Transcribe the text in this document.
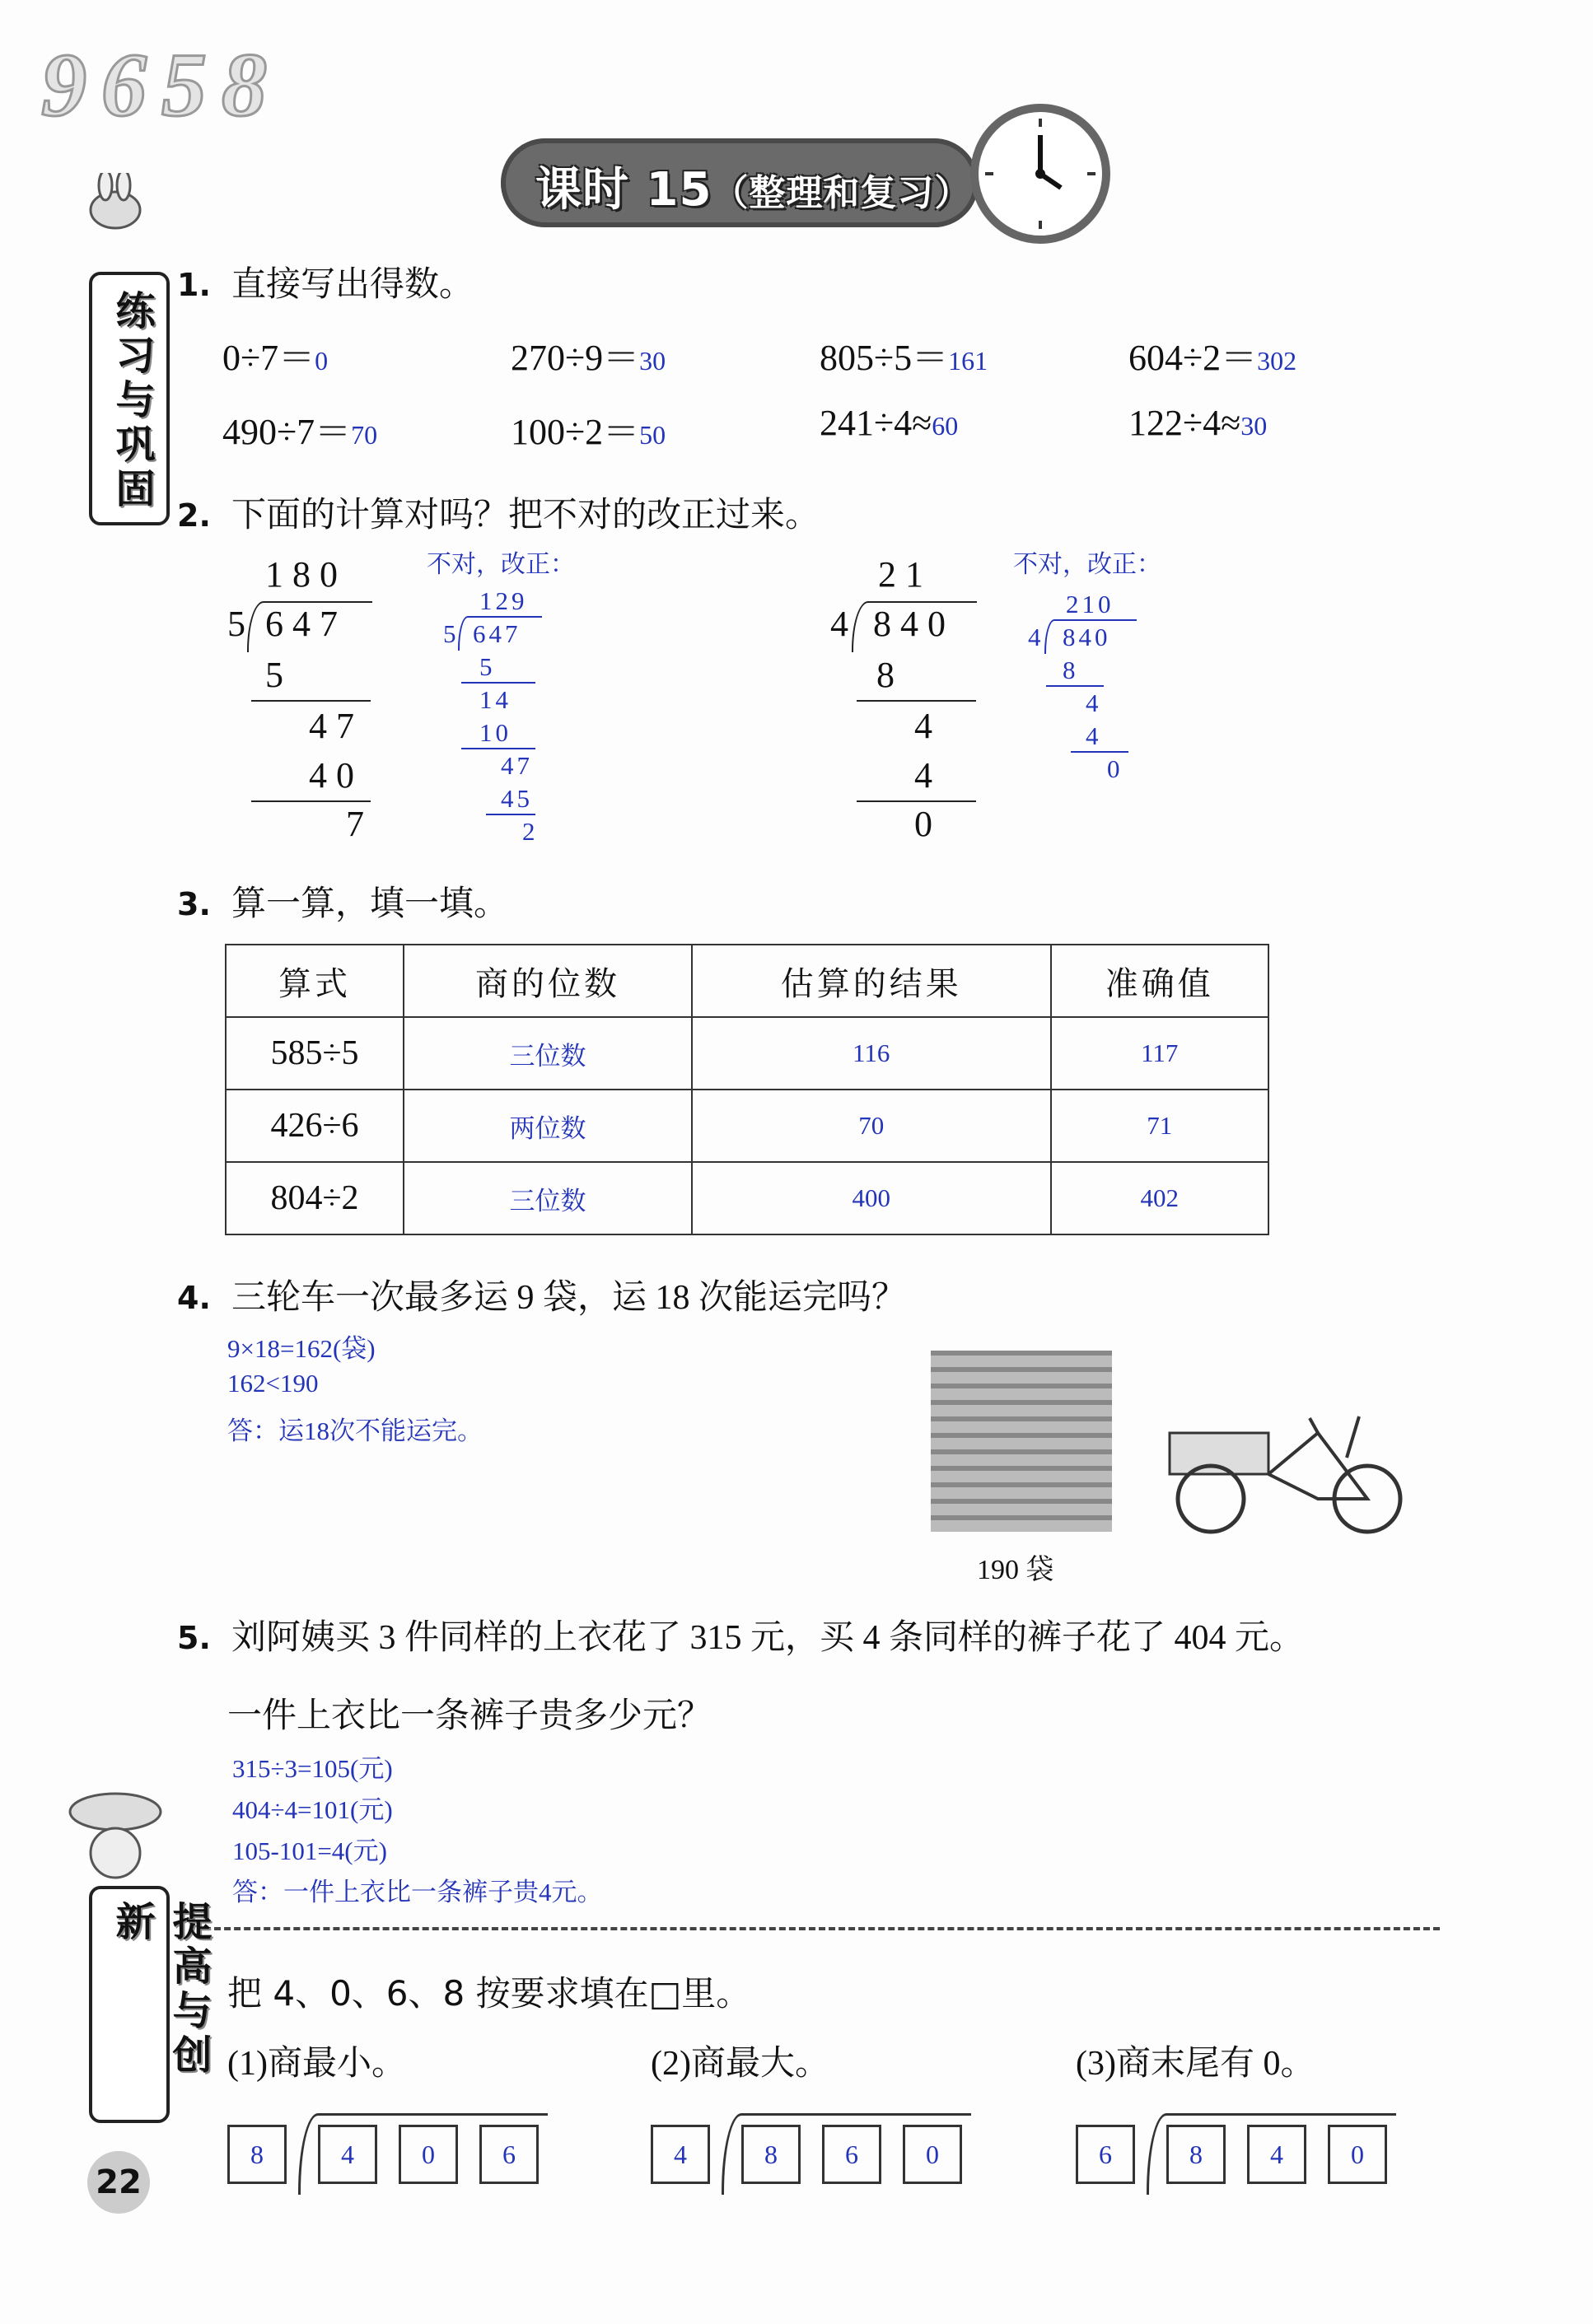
9658
课时 15（整理和复习）
练习与巩固
1. 直接写出得数。
0÷7＝0	270÷9＝30	805÷5＝161	604÷2＝302
490÷7＝70	100÷2＝50	241÷4≈60	122÷4≈30
2. 下面的计算对吗？把不对的改正过来。
1 8 0
5 6 4 7
5
4 7
4 0
7
不对，改正：
129
5 647
5
14
10
47
45
2
2 1
4 8 4 0
8
4
4
0
不对，改正：
210
4 840
8
4
4
0
3. 算一算，填一填。
算式	商的位数	估算的结果	准确值
585÷5	三位数	116	117
426÷6	两位数	70	71
804÷2	三位数	400	402
4. 三轮车一次最多运 9 袋，运 18 次能运完吗？
9×18=162(袋)
162<190
答：运18次不能运完。
190 袋
5. 刘阿姨买 3 件同样的上衣花了 315 元，买 4 条同样的裤子花了 404 元。
一件上衣比一条裤子贵多少元？
315÷3=105(元)
404÷4=101(元)
105-101=4(元)
答：一件上衣比一条裤子贵4元。
提高与创新
22
把 4、0、6、8 按要求填在□里。
(1)商最小。
8	4	0	6
(2)商最大。
4	8	6	0
(3)商末尾有 0。
6	8	4	0
